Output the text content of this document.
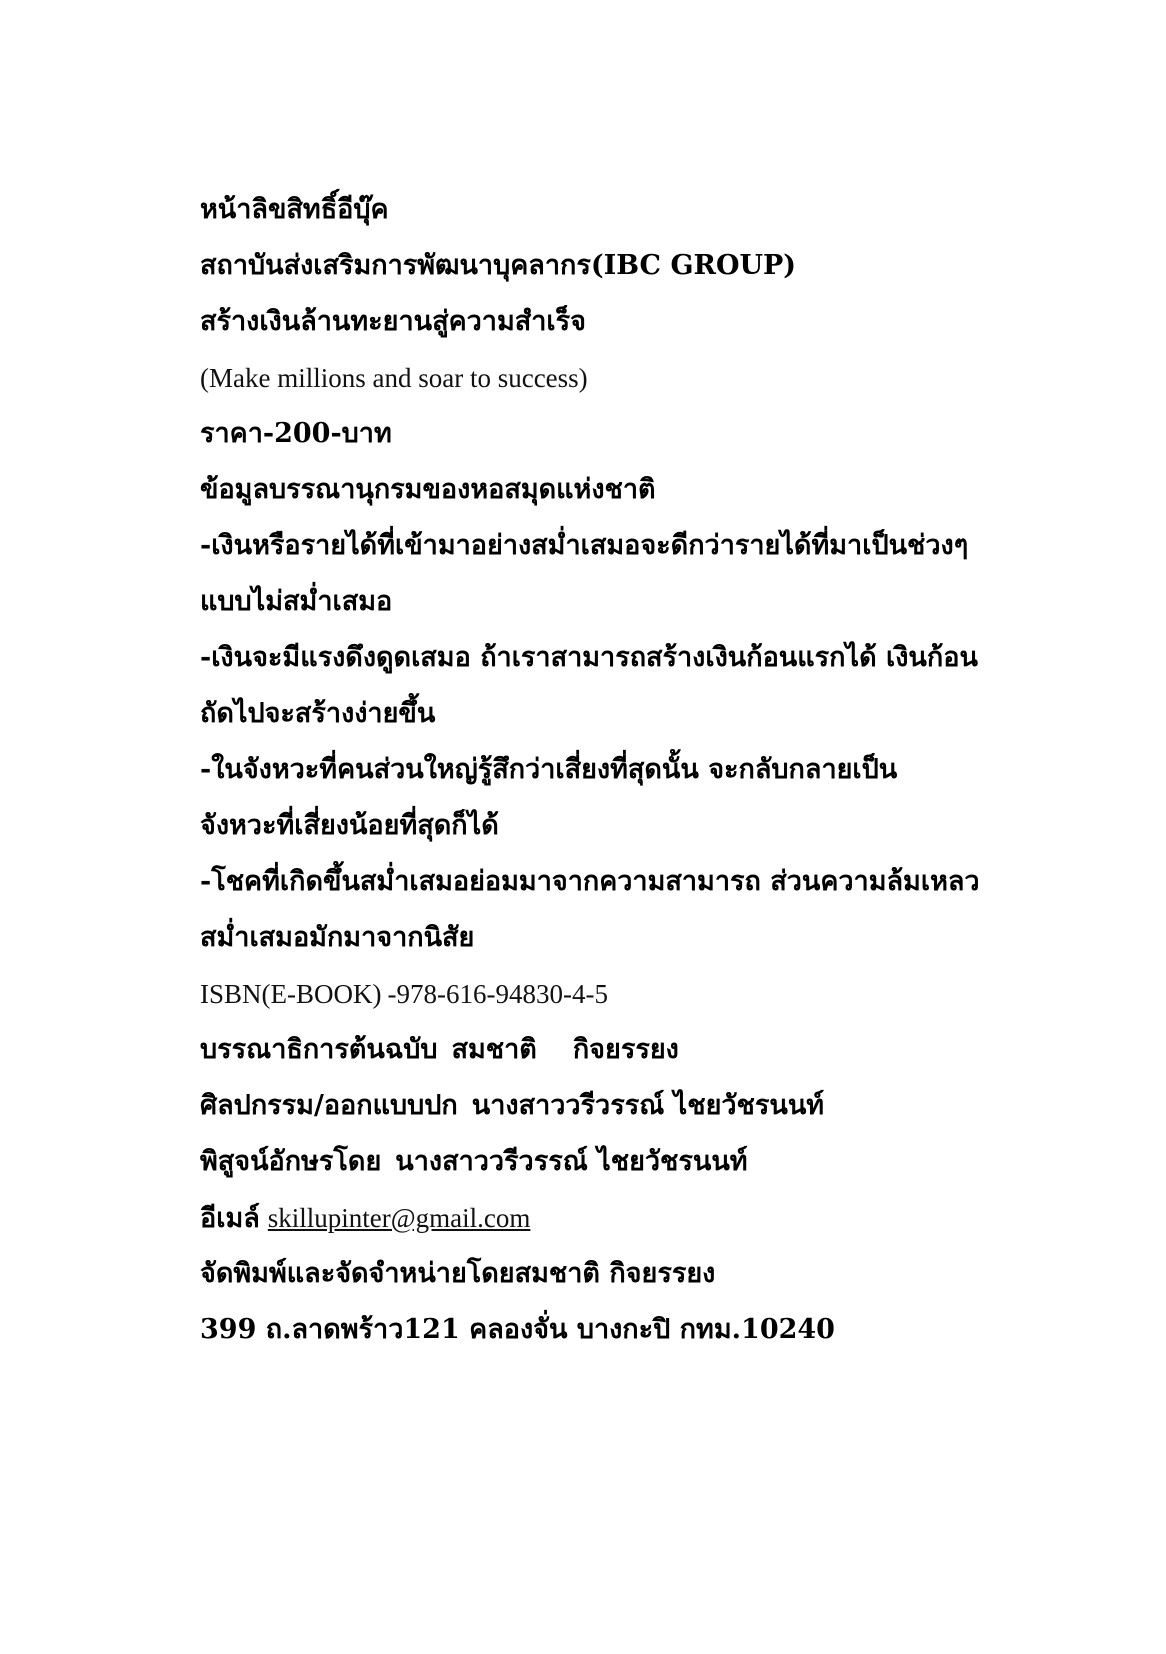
หน้าลิขสิทธิ์อีบุ๊ค
สถาบันส่งเสริมการพัฒนาบุคลากร(IBC GROUP)
สร้างเงินล้านทะยานสู่ความสำเร็จ
(Make millions and soar to success)
ราคา-200-บาท
ข้อมูลบรรณานุกรมของหอสมุดแห่งชาติ
-เงินหรือรายได้ที่เข้ามาอย่างสม่ำเสมอจะดีกว่ารายได้ที่มาเป็นช่วงๆ
แบบไม่สม่ำเสมอ
-เงินจะมีแรงดึงดูดเสมอ ถ้าเราสามารถสร้างเงินก้อนแรกได้ เงินก้อน
ถัดไปจะสร้างง่ายขึ้น
-ในจังหวะที่คนส่วนใหญ่รู้สึกว่าเสี่ยงที่สุดนั้น จะกลับกลายเป็น
จังหวะที่เสี่ยงน้อยที่สุดก็ได้
-โชคที่เกิดขึ้นสม่ำเสมอย่อมมาจากความสามารถ ส่วนความล้มเหลว
สม่ำเสมอมักมาจากนิสัย
ISBN(E-BOOK) -978-616-94830-4-5
บรรณาธิการต้นฉบับ สมชาติ กิจยรรยง
ศิลปกรรม/ออกแบบปก นางสาววรีวรรณ์ ไชยวัชรนนท์
พิสูจน์อักษรโดย นางสาววรีวรรณ์ ไชยวัชรนนท์
อีเมล์ skillupinter@gmail.com
จัดพิมพ์และจัดจำหน่ายโดยสมชาติ กิจยรรยง
399 ถ.ลาดพร้าว121 คลองจั่น บางกะปิ กทม.10240
